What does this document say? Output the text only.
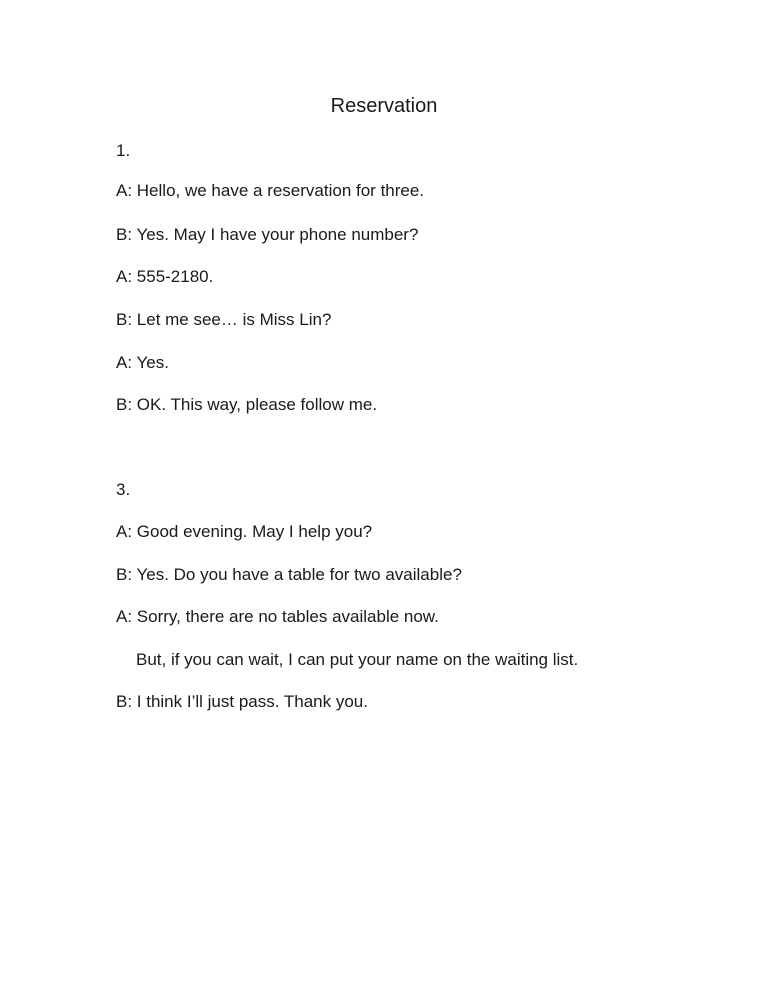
Reservation
1.
A: Hello, we have a reservation for three.
B: Yes. May I have your phone number?
A: 555-2180.
B: Let me see… is Miss Lin?
A: Yes.
B: OK. This way, please follow me.
3.
A: Good evening. May I help you?
B: Yes. Do you have a table for two available?
A: Sorry, there are no tables available now.
But, if you can wait, I can put your name on the waiting list.
B: I think I’ll just pass. Thank you.
